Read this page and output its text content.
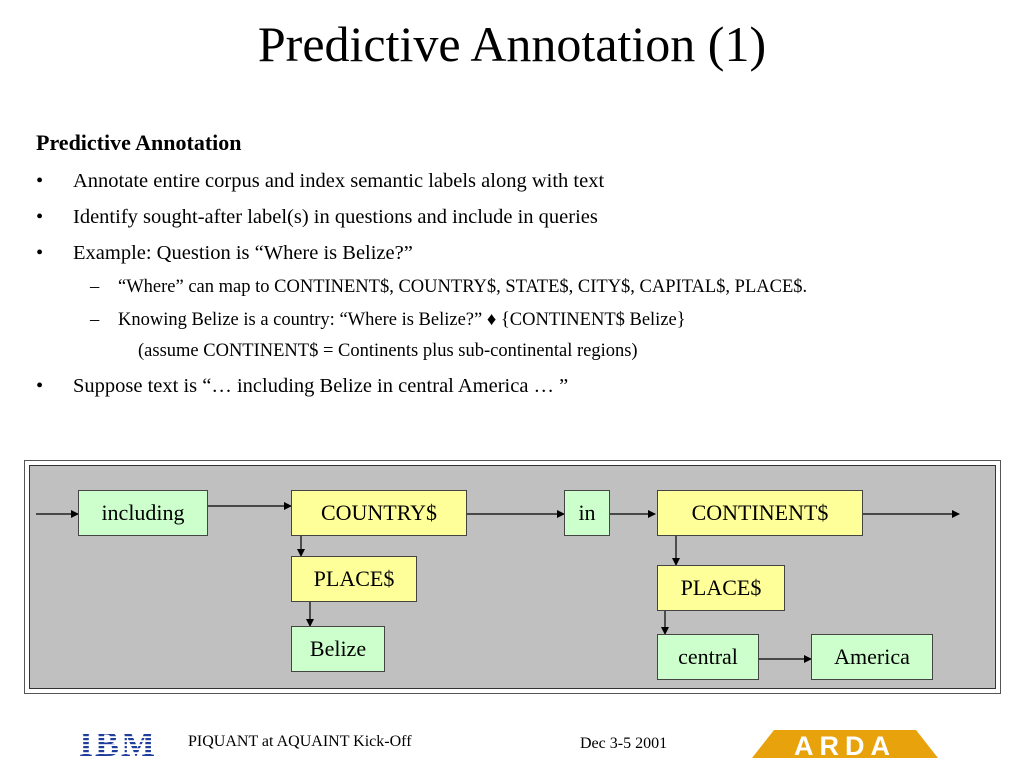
Predictive Annotation (1)
Predictive Annotation
• Annotate entire corpus and index semantic labels along with text
• Identify sought-after label(s) in questions and include in queries
• Example: Question is “Where is Belize?”
– “Where” can map to CONTINENT$, COUNTRY$, STATE$, CITY$, CAPITAL$, PLACE$.
– Knowing Belize is a country: “Where is Belize?” ♦ {CONTINENT$ Belize}
(assume CONTINENT$ = Continents plus sub-continental regions)
• Suppose text is “… including Belize in central America … ”
including	COUNTRY$	in	CONTINENT$
PLACE$
Belize
PLACE$
central	America
IBM PIQUANT at AQUAINT Kick-Off	Dec 3-5 2001	ARDA
